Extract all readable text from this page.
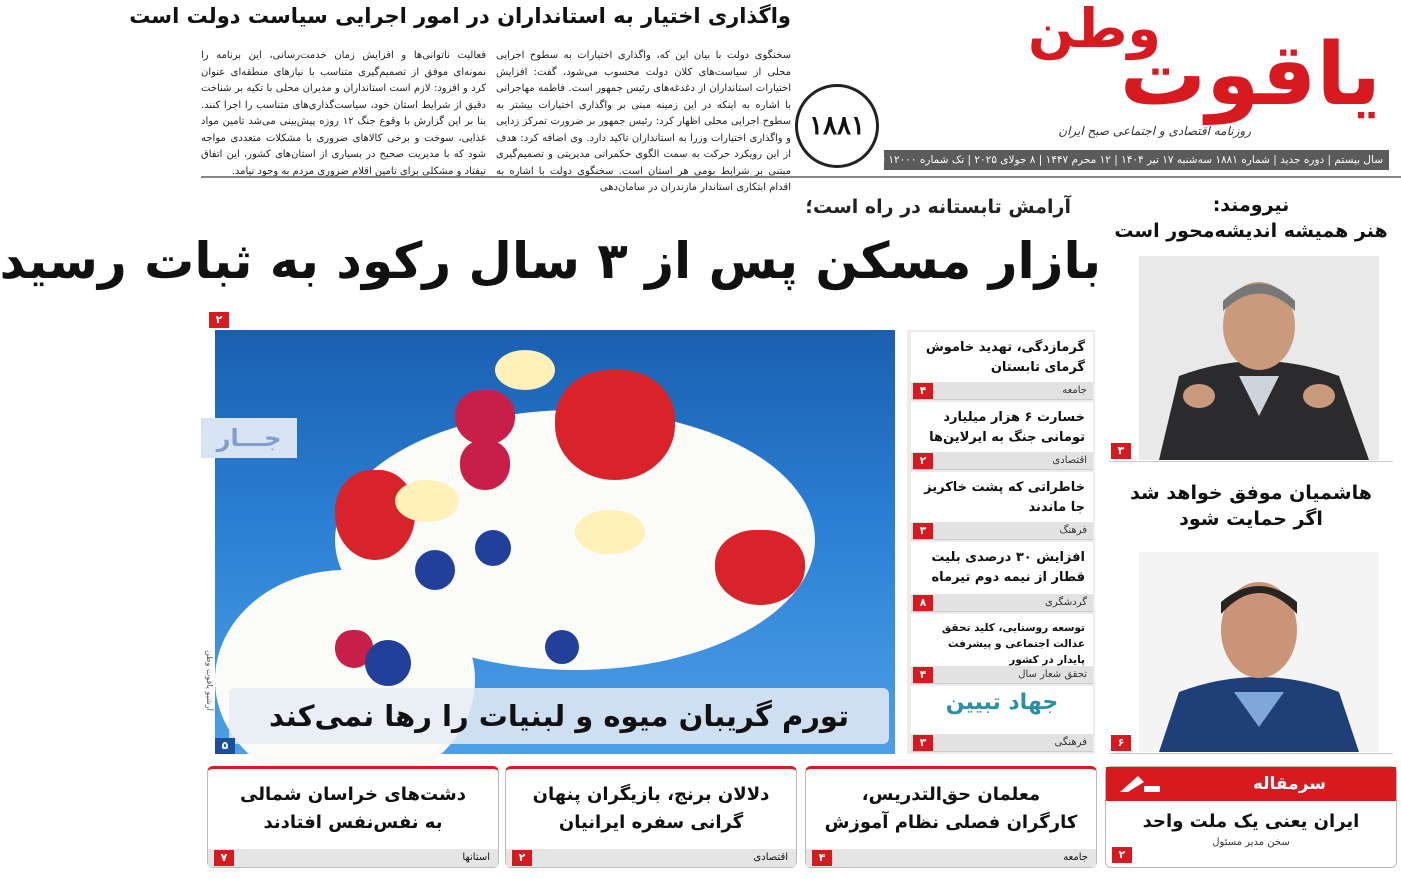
وطن
یاقوت
روزنامه اقتصادی و اجتماعی صبح ایران
سال بیستم | دوره جدید | شماره ۱۸۸۱ سه‌شنبه ۱۷ تیر ۱۴۰۴ | ۱۲ محرم ۱۴۴۷ | ۸ جولای ۲۰۲۵ | تک شماره ۱۲۰۰۰ تومان
واگذاری اختیار به استانداران در امور اجرایی سیاست دولت است
سخنگوی دولت با بیان این که، واگذاری اختیارات به سطوح اجرایی محلی از سیاست‌های کلان دولت محسوب می‌شود، گفت: افزایش اختیارات استانداران از دغدغه‌های رئیس جمهور است. فاطمه مهاجرانی با اشاره به اینکه در این زمینه مبنی بر واگذاری اختیارات بیشتر به سطوح اجرایی محلی اظهار کرد: رئیس جمهور بر ضرورت تمرکز زدایی و واگذاری اختیارات وزرا به استانداران تاکید دارد. وی اضافه کرد: هدف از این رویکرد حرکت به سمت الگوی حکمرانی مدیریتی و تصمیم‌گیری مبتنی بر شرایط بومی هر استان است. سخنگوی دولت با اشاره به اقدام ابتکاری استاندار مازندران در سامان‌دهی
فعالیت ناتوانی‌ها و افزایش زمان خدمت‌رسانی، این برنامه را نمونه‌ای موفق از تصمیم‌گیری متناسب با نیازهای منطقه‌ای عنوان کرد و افزود: لازم است استانداران و مدیران محلی با تکیه بر شناخت دقیق از شرایط استان خود، سیاست‌گذاری‌های متناسب را اجرا کنند. بنا بر این گزارش با وقوع جنگ ۱۲ روزه پیش‌بینی می‌شد تامین مواد غذایی، سوخت و برخی کالاهای ضروری با مشکلات متعددی مواجه شود که با مدیریت صحیح در بسیاری از استان‌های کشور، این اتفاق نیفتاد و مشکلی برای تامین اقلام ضروری مردم به وجود نیامد.
۱۸۸۱
آرامش تابستانه در راه است؛
بازار مسکن پس از ۳ سال رکود به ثبات رسید
۲
تورم گریبان میوه و لبنیات را رها نمی‌کند
۵
جـــار
آرشیو یاقوت وطن
گرمازدگی، تهدید خاموش گرمای تابستان
جامعه
۴
خسارت ۶ هزار میلیارد تومانی جنگ به ایرلاین‌ها
اقتصادی
۲
خاطراتی که پشت خاکریز جا ماندند
فرهنگ
۳
افزایش ۳۰ درصدی بلیت قطار از نیمه دوم تیرماه
گردشگری
۸
توسعه روستایی، کلید تحقق عدالت اجتماعی و پیشرفت پایدار در کشور
تحقق شعار سال
۴
جهاد تبیین
فرهنگی
۳
نیرومند:
هنر همیشه اندیشه‌محور است
۳
هاشمیان موفق خواهد شد
اگر حمایت شود
۶
معلمان حق‌التدریس،
کارگران فصلی نظام آموزش
جامعه
۴
دلالان برنج، بازیگران پنهان
گرانی سفره ایرانیان
اقتصادی
۲
دشت‌های خراسان شمالی
به نفس‌نفس افتادند
استانها
۷
سرمقاله
ایران یعنی یک ملت واحد
سخن مدیر مسئول
۲
